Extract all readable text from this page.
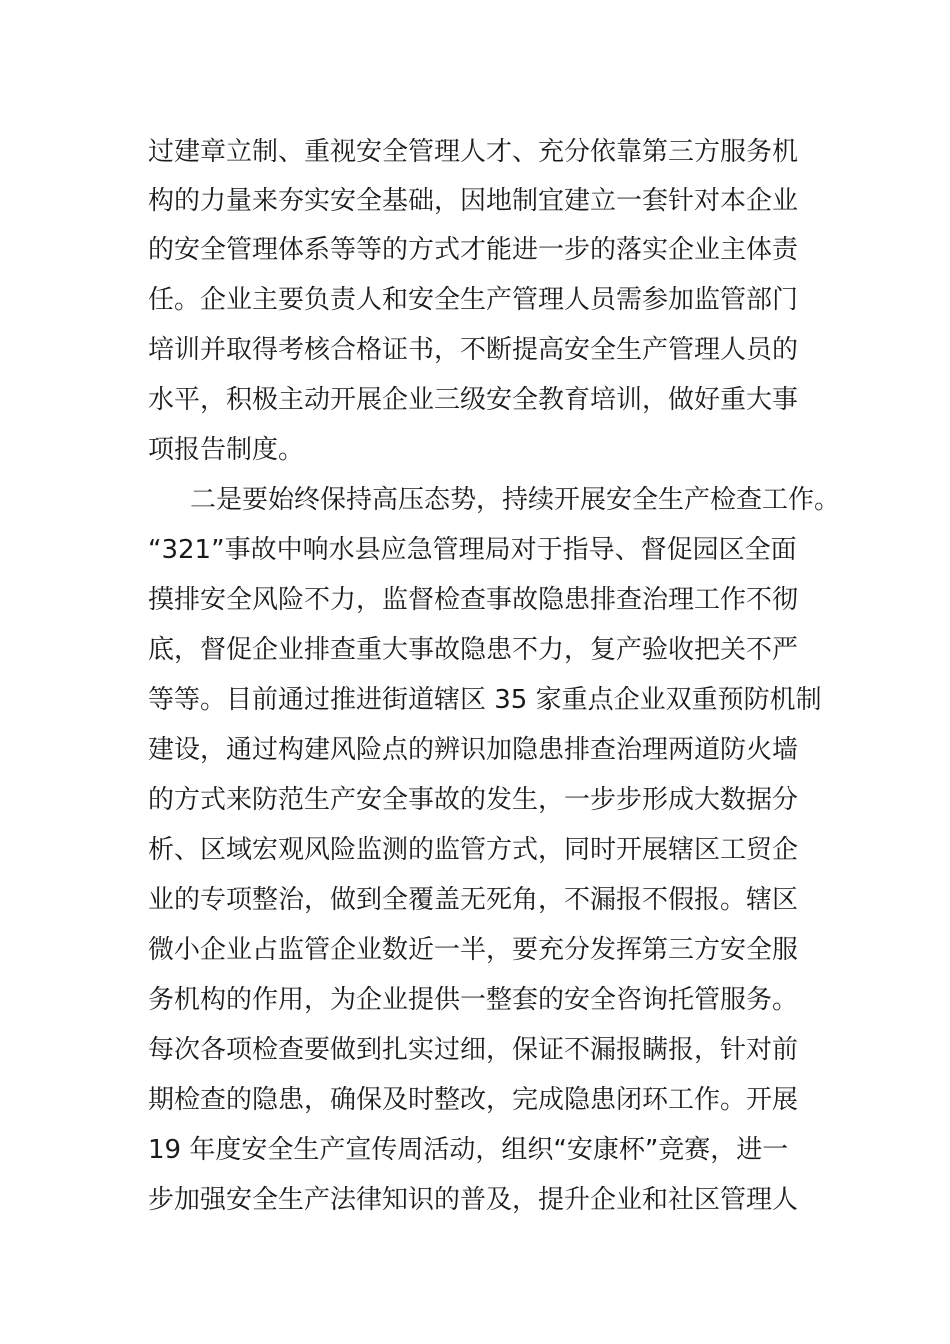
过建章立制、重视安全管理人才、充分依靠第三方服务机
构的力量来夯实安全基础，因地制宜建立一套针对本企业
的安全管理体系等等的方式才能进一步的落实企业主体责
任。企业主要负责人和安全生产管理人员需参加监管部门
培训并取得考核合格证书，不断提高安全生产管理人员的
水平，积极主动开展企业三级安全教育培训，做好重大事
项报告制度。
二是要始终保持高压态势，持续开展安全生产检查工作。
“321”事故中响水县应急管理局对于指导、督促园区全面
摸排安全风险不力，监督检查事故隐患排查治理工作不彻
底，督促企业排查重大事故隐患不力，复产验收把关不严
等等。目前通过推进街道辖区 35 家重点企业双重预防机制
建设，通过构建风险点的辨识加隐患排查治理两道防火墙
的方式来防范生产安全事故的发生，一步步形成大数据分
析、区域宏观风险监测的监管方式，同时开展辖区工贸企
业的专项整治，做到全覆盖无死角，不漏报不假报。辖区
微小企业占监管企业数近一半，要充分发挥第三方安全服
务机构的作用，为企业提供一整套的安全咨询托管服务。
每次各项检查要做到扎实过细，保证不漏报瞒报，针对前
期检查的隐患，确保及时整改，完成隐患闭环工作。开展
19 年度安全生产宣传周活动，组织“安康杯”竞赛，进一
步加强安全生产法律知识的普及，提升企业和社区管理人
